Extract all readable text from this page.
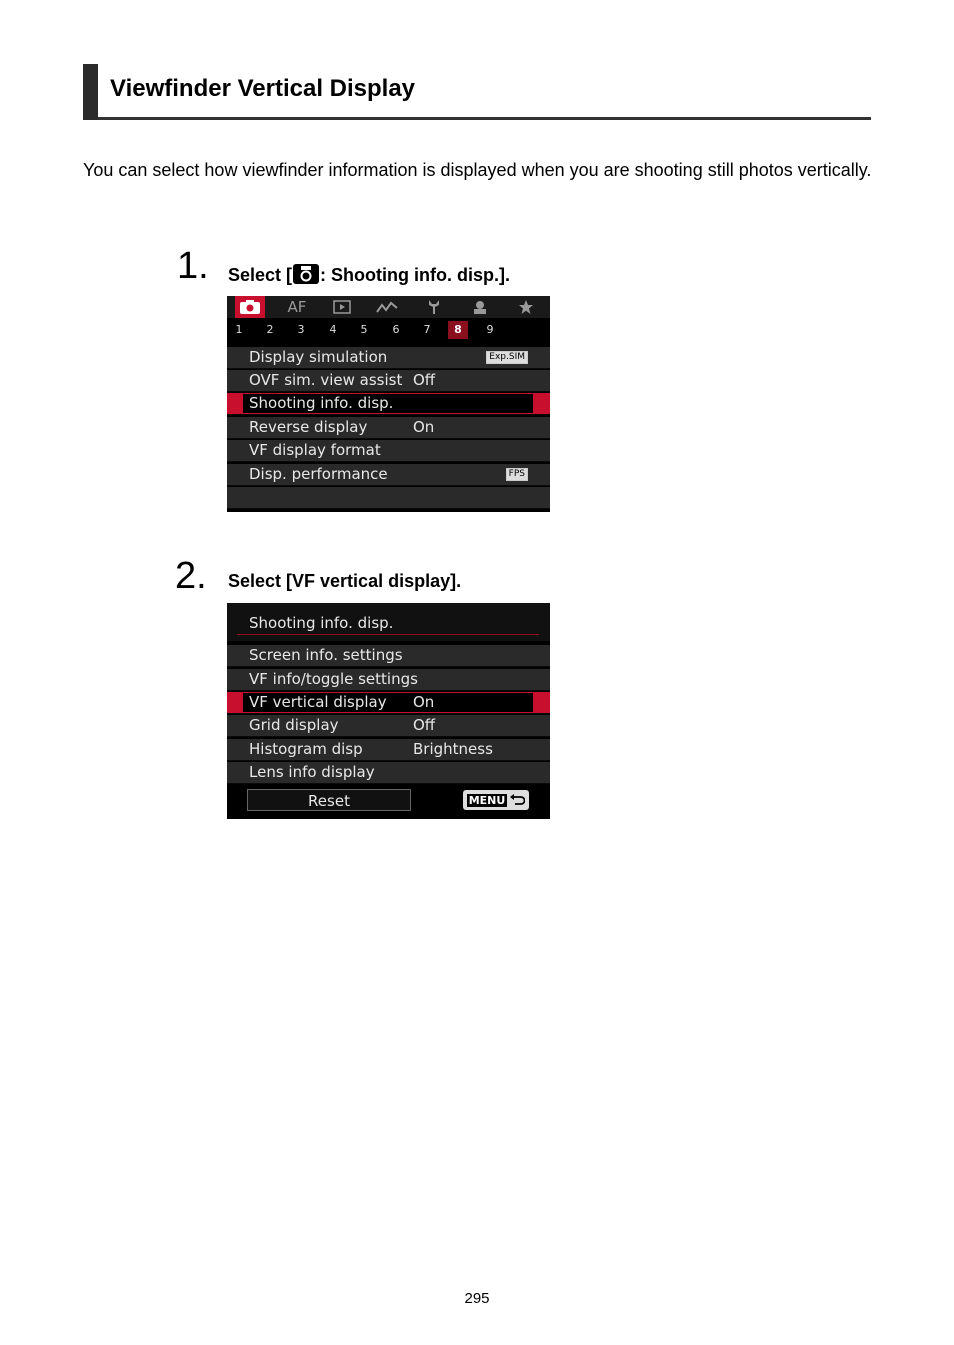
Viewfinder Vertical Display
You can select how viewfinder information is displayed when you are shooting still photos vertically.
1. Select [ : Shooting info. disp.].
AF
1	2	3	4	5	6	7	8	9
Display simulation	Exp.SIM
OVF sim. view assist Off
Shooting info. disp.
Reverse display	On
VF display format
Disp. performance	FPS
2. Select [VF vertical display].
Shooting info. disp.
Screen info. settings
VF info/toggle settings
VF vertical display On
Grid display	Off
Histogram disp	Brightness
Lens info display
Reset	MENU
295
